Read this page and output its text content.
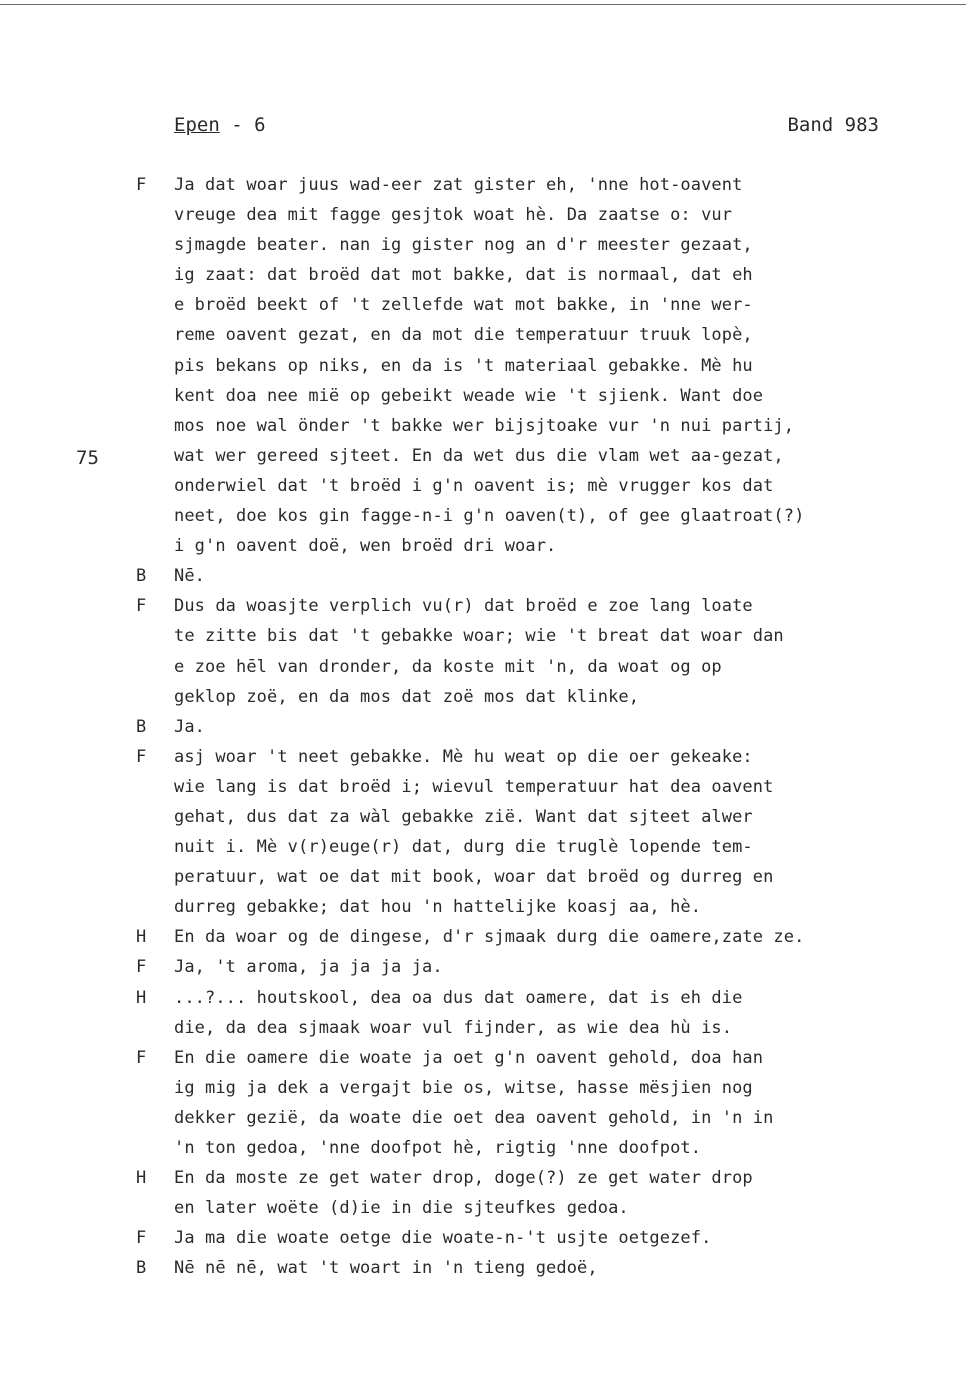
Epen - 6	Band 983
75
F	Ja dat woar juus wad-eer zat gister eh, 'nne hot-oavent
vreuge dea mit fagge gesjtok woat hè. Da zaatse o: vur
sjmagde beater. nan ig gister nog an d'r meester gezaat,
ig zaat: dat broëd dat mot bakke, dat is normaal, dat eh
e broëd beekt of 't zellefde wat mot bakke, in 'nne wer-
reme oavent gezat, en da mot die temperatuur truuk lopè,
pis bekans op niks, en da is 't materiaal gebakke. Mè hu
kent doa nee mië op gebeikt weade wie 't sjienk. Want doe
mos noe wal önder 't bakke wer bijsjtoake vur 'n nui partij,
wat wer gereed sjteet. En da wet dus die vlam wet aa-gezat,
onderwiel dat 't broëd i g'n oavent is; mè vrugger kos dat
neet, doe kos gin fagge-n-i g'n oaven(t), of gee glaatroat(?)
i g'n oavent doë, wen broëd dri woar.
B	Nē.
F	Dus da woasjte verplich vu(r) dat broëd e zoe lang loate
te zitte bis dat 't gebakke woar; wie 't breat dat woar dan
e zoe hēl van dronder, da koste mit 'n, da woat og op
geklop zoë, en da mos dat zoë mos dat klinke,
B	Ja.
F	asj woar 't neet gebakke. Mè hu weat op die oer gekeake:
wie lang is dat broëd i; wievul temperatuur hat dea oavent
gehat, dus dat za wàl gebakke zië. Want dat sjteet alwer
nuit i. Mè v(r)euge(r) dat, durg die truglè lopende tem-
peratuur, wat oe dat mit book, woar dat broëd og durreg en
durreg gebakke; dat hou 'n hattelijke koasj aa, hè.
H	En da woar og de dingese, d'r sjmaak durg die oamere,zate ze.
F	Ja, 't aroma, ja ja ja ja.
H	...?... houtskool, dea oa dus dat oamere, dat is eh die
die, da dea sjmaak woar vul fijnder, as wie dea hù is.
F	En die oamere die woate ja oet g'n oavent gehold, doa han
ig mig ja dek a vergajt bie os, witse, hasse mësjien nog
dekker gezië, da woate die oet dea oavent gehold, in 'n in
'n ton gedoa, 'nne doofpot hè, rigtig 'nne doofpot.
H	En da moste ze get water drop, doge(?) ze get water drop
en later woëte (d)ie in die sjteufkes gedoa.
F	Ja ma die woate oetge die woate-n-'t usjte oetgezef.
B	Nē nē nē, wat 't woart in 'n tieng gedoë,
